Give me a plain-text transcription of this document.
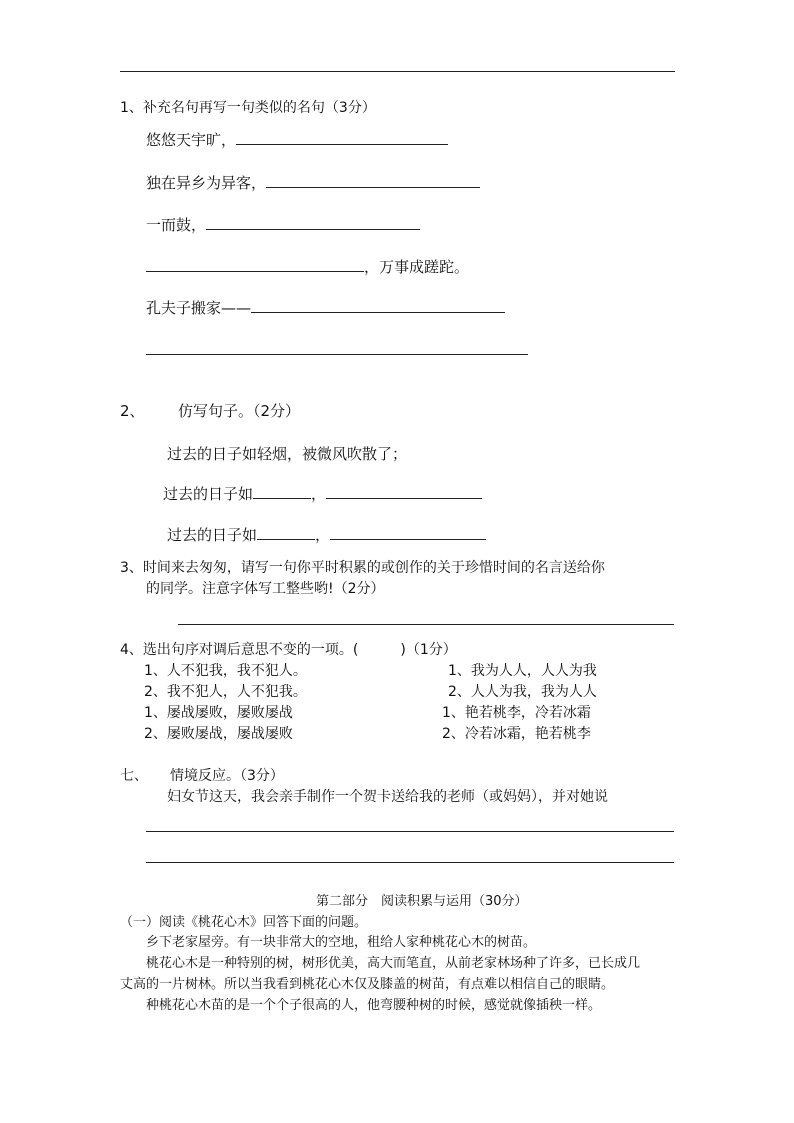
1、补充名句再写一句类似的名句（3分）
悠悠天宇旷，
独在异乡为异客，
一而鼓，
，万事成蹉跎。
孔夫子搬家——
2、 仿写句子。（2分）
过去的日子如轻烟，被微风吹散了；
过去的日子如	，
过去的日子如	，
3、时间来去匆匆，请写一句你平时积累的或创作的关于珍惜时间的名言送给你
的同学。注意字体写工整些哟!（2分）
4、选出句序对调后意思不变的一项。(　　　)（1分）
1、人不犯我，我不犯人。	1、我为人人，人人为我
2、我不犯人，人不犯我。	2、人人为我，我为人人
1、屡战屡败，屡败屡战	1、艳若桃李，冷若冰霜
2、屡败屡战，屡战屡败	2、冷若冰霜，艳若桃李
七、 情境反应。（3分）
妇女节这天，我会亲手制作一个贺卡送给我的老师（或妈妈），并对她说
第二部分　阅读积累与运用（30分）
（一）阅读《桃花心木》回答下面的问题。
乡下老家屋旁。有一块非常大的空地，租给人家种桃花心木的树苗。
桃花心木是一种特别的树，树形优美，高大而笔直，从前老家林场种了许多，已长成几
丈高的一片树林。所以当我看到桃花心木仅及膝盖的树苗，有点难以相信自己的眼睛。
种桃花心木苗的是一个个子很高的人，他弯腰种树的时候，感觉就像插秧一样。
